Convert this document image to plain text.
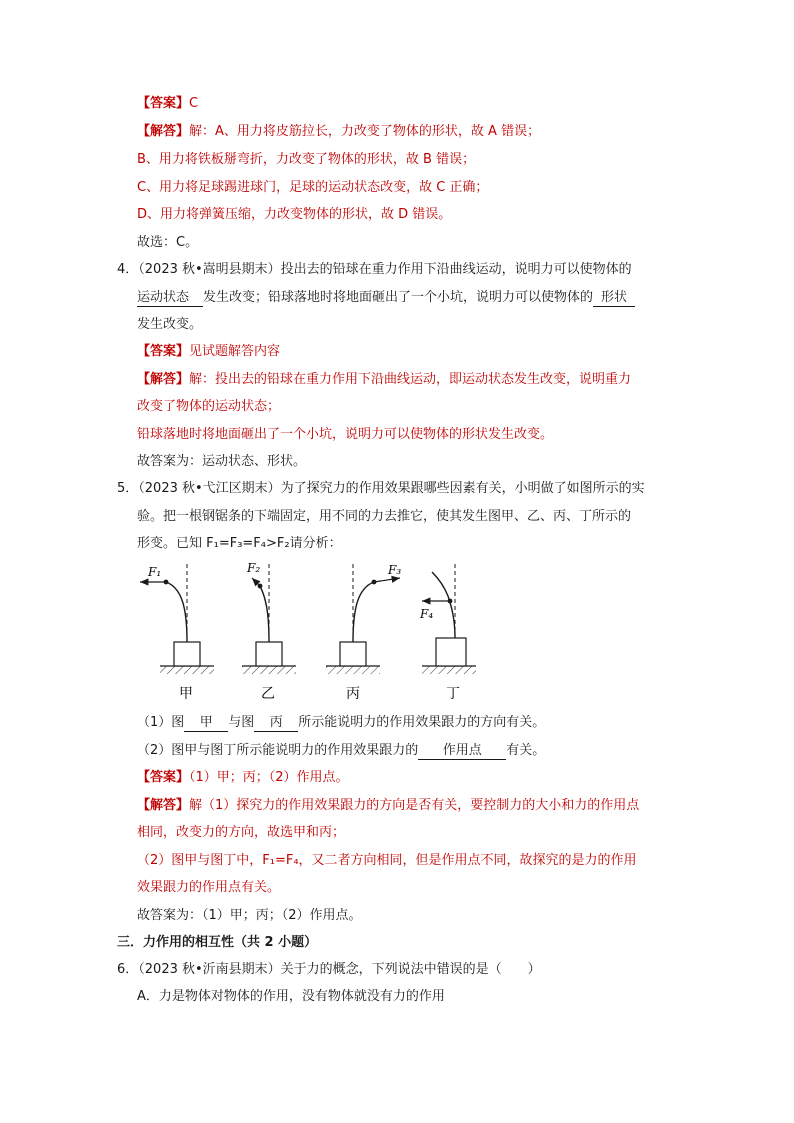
【答案】C
【解答】解：A、用力将皮筋拉长，力改变了物体的形状，故 A 错误；
B、用力将铁板掰弯折，力改变了物体的形状，故 B 错误；
C、用力将足球踢进球门，足球的运动状态改变，故 C 正确；
D、用力将弹簧压缩，力改变物体的形状，故 D 错误。
故选：C。
4．（2023 秋•嵩明县期末）投出去的铅球在重力作用下沿曲线运动，说明力可以使物体的
运动状态 发生改变；铅球落地时将地面砸出了一个小坑，说明力可以使物体的 形状
发生改变。
【答案】见试题解答内容
【解答】解：投出去的铅球在重力作用下沿曲线运动，即运动状态发生改变，说明重力
改变了物体的运动状态；
铅球落地时将地面砸出了一个小坑，说明力可以使物体的形状发生改变。
故答案为：运动状态、形状。
5．（2023 秋•弋江区期末）为了探究力的作用效果跟哪些因素有关，小明做了如图所示的实
验。把一根钢锯条的下端固定，用不同的力去推它，使其发生图甲、乙、丙、丁所示的
形变。已知 F₁=F₃=F₄>F₂请分析：
F₁
甲
F₂
乙
F₃
丙
F₄
丁
（1）图 甲 与图 丙 所示能说明力的作用效果跟力的方向有关。
（2）图甲与图丁所示能说明力的作用效果跟力的 作用点 有关。
【答案】（1）甲；丙；（2）作用点。
【解答】解（1）探究力的作用效果跟力的方向是否有关，要控制力的大小和力的作用点
相同，改变力的方向，故选甲和丙；
（2）图甲与图丁中，F₁=F₄，又二者方向相同，但是作用点不同，故探究的是力的作用
效果跟力的作用点有关。
故答案为：（1）甲；丙；（2）作用点。
三．力作用的相互性（共 2 小题）
6．（2023 秋•沂南县期末）关于力的概念，下列说法中错误的是（　　）
A．力是物体对物体的作用，没有物体就没有力的作用
